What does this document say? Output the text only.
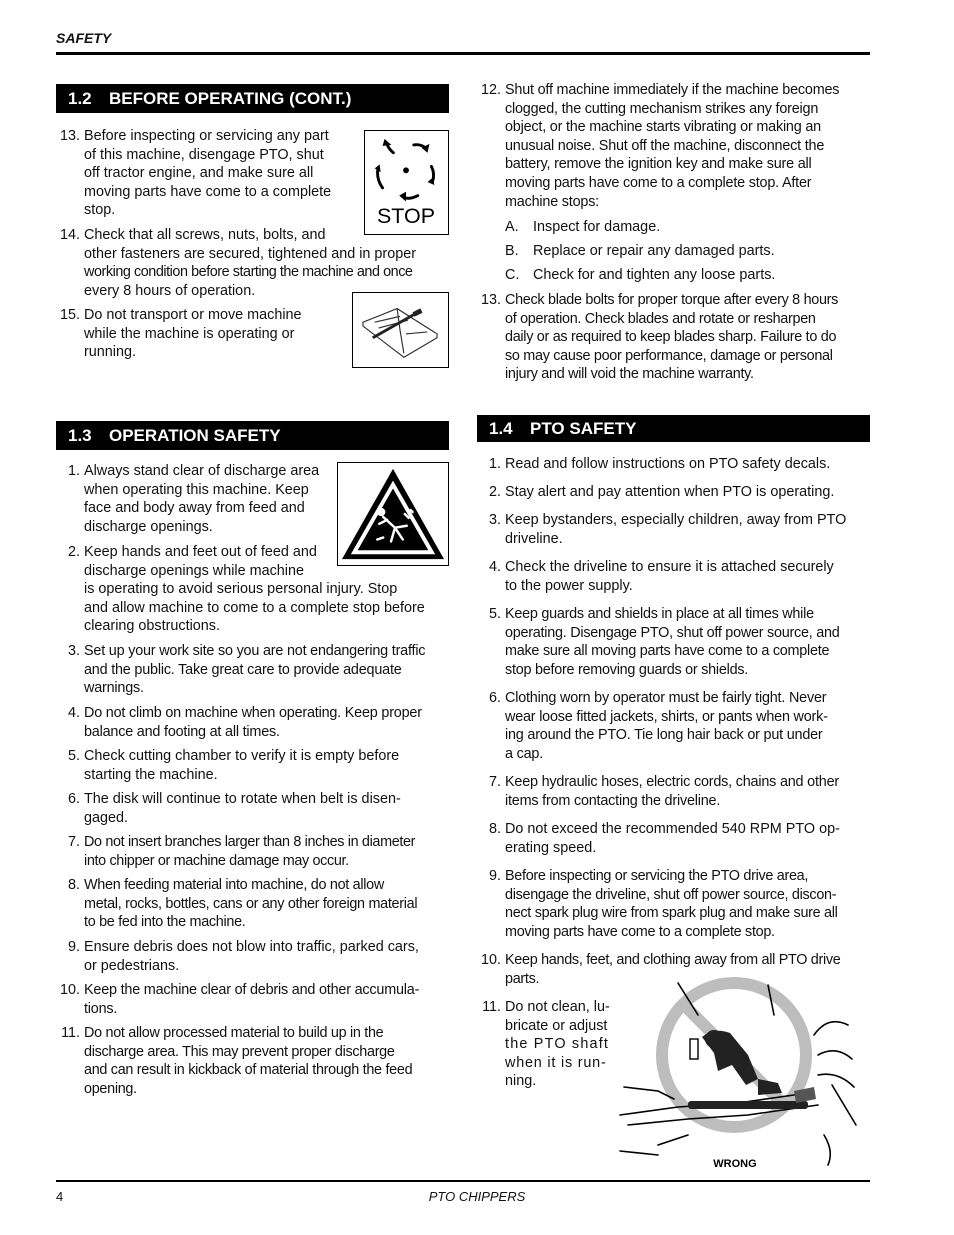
SAFETY
1.2 BEFORE OPERATING (CONT.)
13. Before inspecting or servicing any part
of this machine, disengage PTO, shut
off tractor engine, and make sure all
moving parts have come to a complete
stop.
14. Check that all screws, nuts, bolts, and
other fasteners are secured, tightened and in proper
working condition before starting the machine and once
every 8 hours of operation.
15. Do not transport or move machine
while the machine is operating or
running.
STOP
1.3 OPERATION SAFETY
1. Always stand clear of discharge area
when operating this machine. Keep
face and body away from feed and
discharge openings.
2. Keep hands and feet out of feed and
discharge openings while machine
is operating to avoid serious personal injury. Stop
and allow machine to come to a complete stop before
clearing obstructions.
3. Set up your work site so you are not endangering traffic
and the public. Take great care to provide adequate
warnings.
4. Do not climb on machine when operating. Keep proper
balance and footing at all times.
5. Check cutting chamber to verify it is empty before
starting the machine.
6. The disk will continue to rotate when belt is disen-
gaged.
7. Do not insert branches larger than 8 inches in diameter
into chipper or machine damage may occur.
8. When feeding material into machine, do not allow
metal, rocks, bottles, cans or any other foreign material
to be fed into the machine.
9. Ensure debris does not blow into traffic, parked cars,
or pedestrians.
10. Keep the machine clear of debris and other accumula-
tions.
11. Do not allow processed material to build up in the
discharge area. This may prevent proper discharge
and can result in kickback of material through the feed
opening.
12. Shut off machine immediately if the machine becomes
clogged, the cutting mechanism strikes any foreign
object, or the machine starts vibrating or making an
unusual noise. Shut off the machine, disconnect the
battery, remove the ignition key and make sure all
moving parts have come to a complete stop. After
machine stops:
A. Inspect for damage.
B. Replace or repair any damaged parts.
C. Check for and tighten any loose parts.
13. Check blade bolts for proper torque after every 8 hours
of operation. Check blades and rotate or resharpen
daily or as required to keep blades sharp. Failure to do
so may cause poor performance, damage or personal
injury and will void the machine warranty.
1.4 PTO SAFETY
1. Read and follow instructions on PTO safety decals.
2. Stay alert and pay attention when PTO is operating.
3. Keep bystanders, especially children, away from PTO
driveline.
4. Check the driveline to ensure it is attached securely
to the power supply.
5. Keep guards and shields in place at all times while
operating. Disengage PTO, shut off power source, and
make sure all moving parts have come to a complete
stop before removing guards or shields.
6. Clothing worn by operator must be fairly tight. Never
wear loose fitted jackets, shirts, or pants when work-
ing around the PTO. Tie long hair back or put under
a cap.
7. Keep hydraulic hoses, electric cords, chains and other
items from contacting the driveline.
8. Do not exceed the recommended 540 RPM PTO op-
erating speed.
9. Before inspecting or servicing the PTO drive area,
disengage the driveline, shut off power source, discon-
nect spark plug wire from spark plug and make sure all
moving parts have come to a complete stop.
10. Keep hands, feet, and clothing away from all PTO drive
parts.
11. Do not clean, lu-
bricate or adjust
the PTO shaft
when it is run-
ning.
WRONG
4	PTO CHIPPERS
